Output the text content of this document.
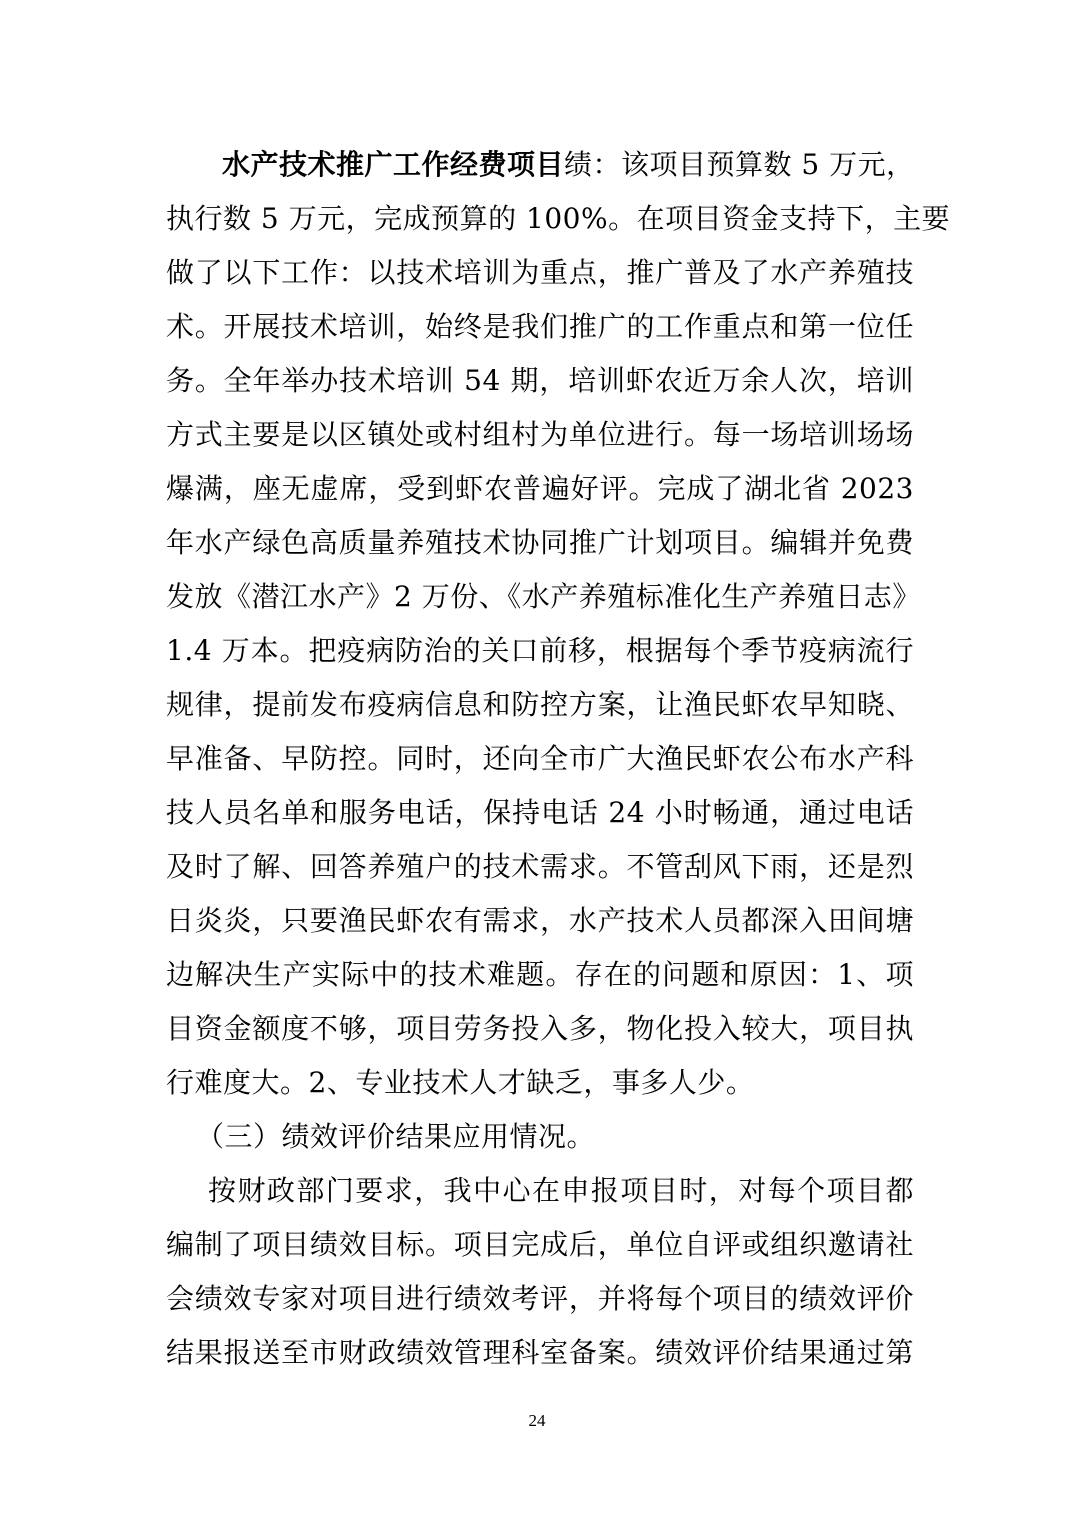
水产技术推广工作经费项目绩：该项目预算数 5 万元，
执行数 5 万元，完成预算的 100%。在项目资金支持下，主要
做了以下工作：以技术培训为重点，推广普及了水产养殖技
术。开展技术培训，始终是我们推广的工作重点和第一位任
务。全年举办技术培训 54 期，培训虾农近万余人次，培训
方式主要是以区镇处或村组村为单位进行。每一场培训场场
爆满，座无虚席，受到虾农普遍好评。完成了湖北省 2023
年水产绿色高质量养殖技术协同推广计划项目。编辑并免费
发放《潜江水产》2 万份、《水产养殖标准化生产养殖日志》
1.4 万本。把疫病防治的关口前移，根据每个季节疫病流行
规律，提前发布疫病信息和防控方案，让渔民虾农早知晓、
早准备、早防控。同时，还向全市广大渔民虾农公布水产科
技人员名单和服务电话，保持电话 24 小时畅通，通过电话
及时了解、回答养殖户的技术需求。不管刮风下雨，还是烈
日炎炎，只要渔民虾农有需求，水产技术人员都深入田间塘
边解决生产实际中的技术难题。存在的问题和原因：1、项
目资金额度不够，项目劳务投入多，物化投入较大，项目执
行难度大。2、专业技术人才缺乏，事多人少。
（三）绩效评价结果应用情况。
按财政部门要求，我中心在申报项目时，对每个项目都
编制了项目绩效目标。项目完成后，单位自评或组织邀请社
会绩效专家对项目进行绩效考评，并将每个项目的绩效评价
结果报送至市财政绩效管理科室备案。绩效评价结果通过第
24
